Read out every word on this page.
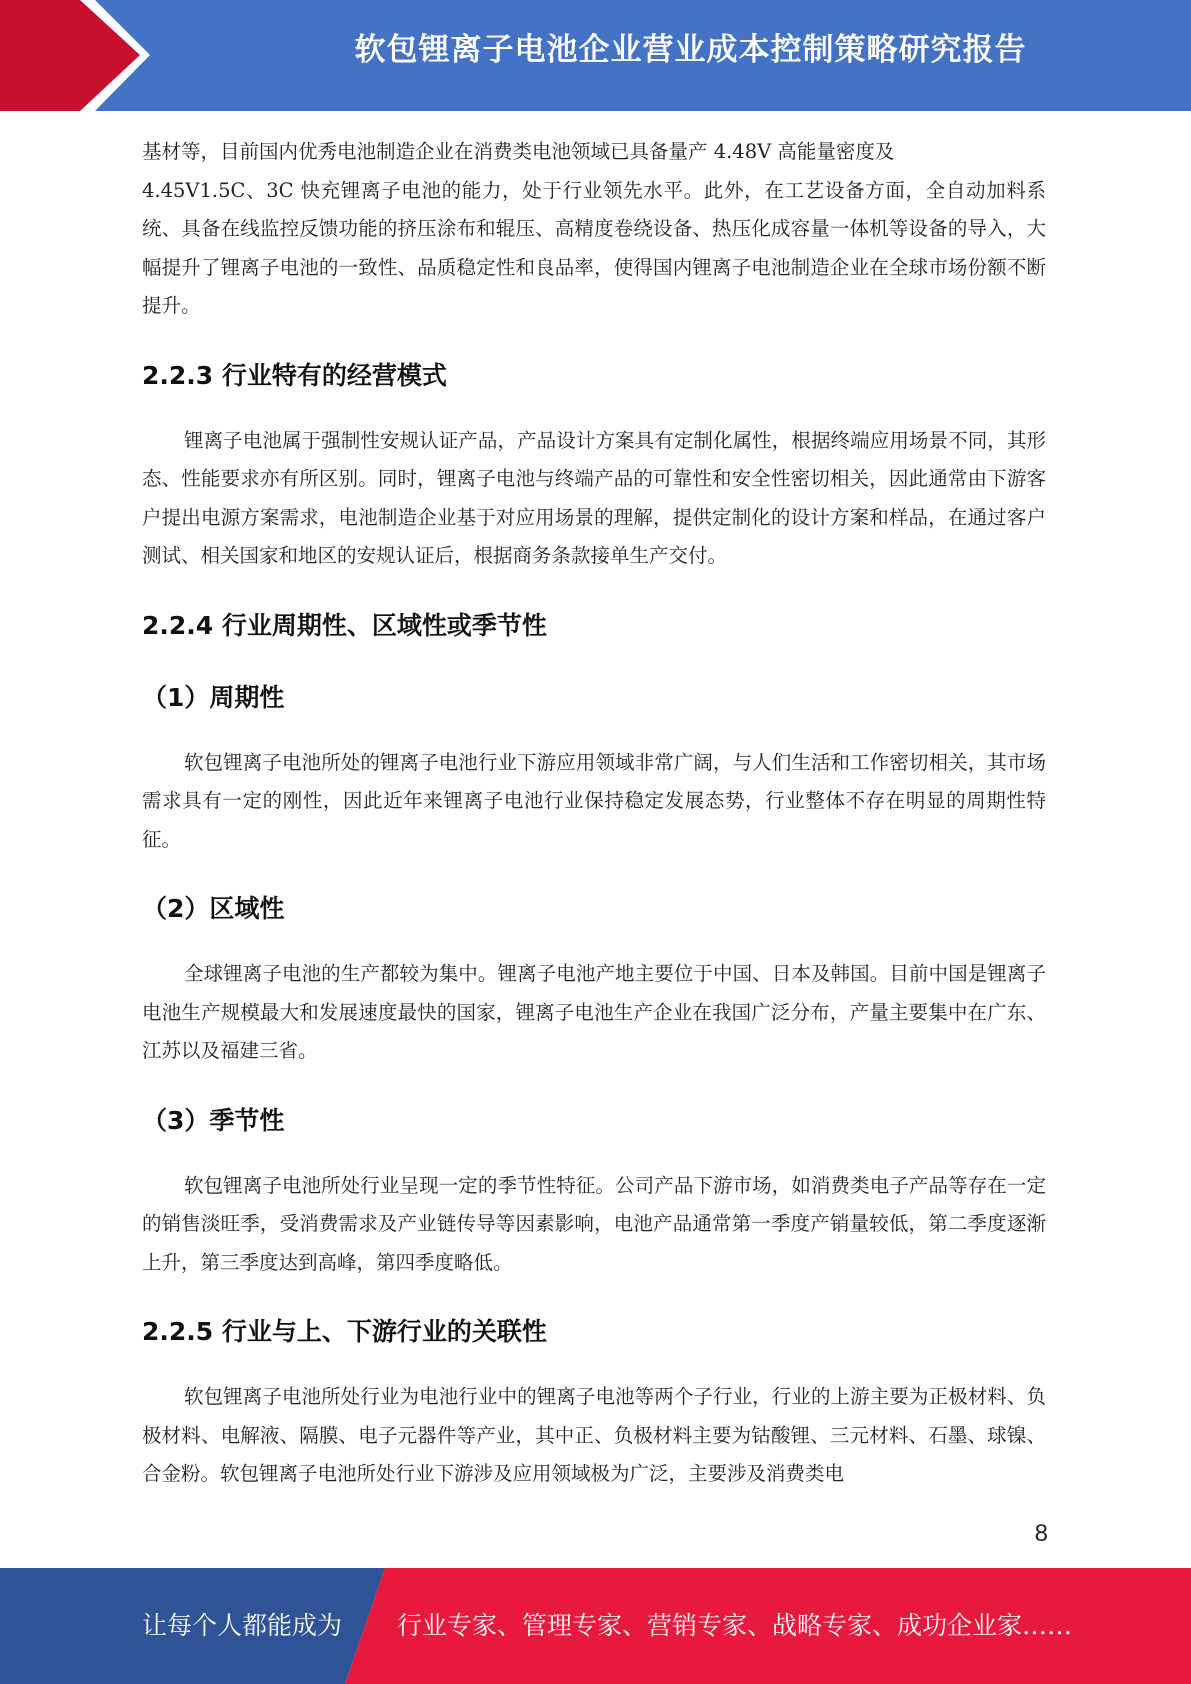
软包锂离子电池企业营业成本控制策略研究报告

基材等，目前国内优秀电池制造企业在消费类电池领域已具备量产 4.48V 高能量密度及

4.45V1.5C、3C 快充锂离子电池的能力，处于行业领先水平。此外，在工艺设备方面，全自动加料系统、具备在线监控反馈功能的挤压涂布和辊压、高精度卷绕设备、热压化成容量一体机等设备的导入，大幅提升了锂离子电池的一致性、品质稳定性和良品率，使得国内锂离子电池制造企业在全球市场份额不断提升。

2.2.3 行业特有的经营模式

锂离子电池属于强制性安规认证产品，产品设计方案具有定制化属性，根据终端应用场景不同，其形态、性能要求亦有所区别。同时，锂离子电池与终端产品的可靠性和安全性密切相关，因此通常由下游客户提出电源方案需求，电池制造企业基于对应用场景的理解，提供定制化的设计方案和样品，在通过客户测试、相关国家和地区的安规认证后，根据商务条款接单生产交付。

2.2.4 行业周期性、区域性或季节性
（1）周期性

软包锂离子电池所处的锂离子电池行业下游应用领域非常广阔，与人们生活和工作密切相关，其市场需求具有一定的刚性，因此近年来锂离子电池行业保持稳定发展态势，行业整体不存在明显的周期性特征。

（2）区域性

全球锂离子电池的生产都较为集中。锂离子电池产地主要位于中国、日本及韩国。目前中国是锂离子电池生产规模最大和发展速度最快的国家，锂离子电池生产企业在我国广泛分布，产量主要集中在广东、江苏以及福建三省。

（3）季节性

软包锂离子电池所处行业呈现一定的季节性特征。公司产品下游市场，如消费类电子产品等存在一定的销售淡旺季，受消费需求及产业链传导等因素影响，电池产品通常第一季度产销量较低，第二季度逐渐上升，第三季度达到高峰，第四季度略低。

2.2.5 行业与上、下游行业的关联性

软包锂离子电池所处行业为电池行业中的锂离子电池等两个子行业，行业的上游主要为正极材料、负极材料、电解液、隔膜、电子元器件等产业，其中正、负极材料主要为钴酸锂、三元材料、石墨、球镍、合金粉。软包锂离子电池所处行业下游涉及应用领域极为广泛，主要涉及消费类电

8
让每个人都能成为 行业专家、管理专家、营销专家、战略专家、成功企业家……
